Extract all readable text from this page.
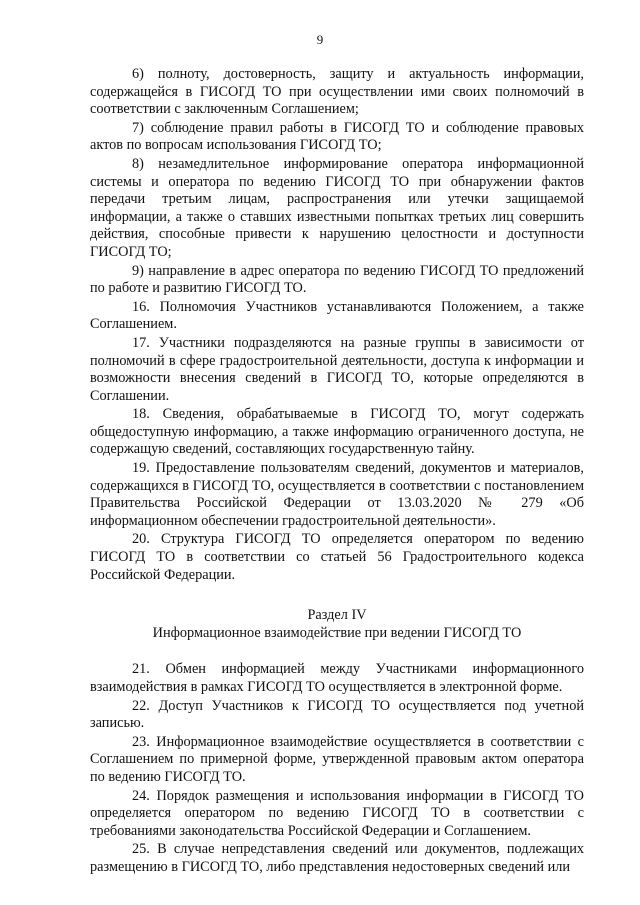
9

6) полноту, достоверность, защиту и актуальность информации, содержащейся в ГИСОГД ТО при осуществлении ими своих полномочий в соответствии с заключенным Соглашением;

7) соблюдение правил работы в ГИСОГД ТО и соблюдение правовых актов по вопросам использования ГИСОГД ТО;

8) незамедлительное информирование оператора информационной системы и оператора по ведению ГИСОГД ТО при обнаружении фактов передачи третьим лицам, распространения или утечки защищаемой информации, а также о ставших известными попытках третьих лиц совершить действия, способные привести к нарушению целостности и доступности ГИСОГД ТО;

9) направление в адрес оператора по ведению ГИСОГД ТО предложений по работе и развитию ГИСОГД ТО.

16. Полномочия Участников устанавливаются Положением, а также Соглашением.

17. Участники подразделяются на разные группы в зависимости от полномочий в сфере градостроительной деятельности, доступа к информации и возможности внесения сведений в ГИСОГД ТО, которые определяются в Соглашении.

18. Сведения, обрабатываемые в ГИСОГД ТО, могут содержать общедоступную информацию, а также информацию ограниченного доступа, не содержащую сведений, составляющих государственную тайну.

19. Предоставление пользователям сведений, документов и материалов, содержащихся в ГИСОГД ТО, осуществляется в соответствии с постановлением Правительства Российской Федерации от 13.03.2020 № 279 «Об информационном обеспечении градостроительной деятельности».

20. Структура ГИСОГД ТО определяется оператором по ведению ГИСОГД ТО в соответствии со статьей 56 Градостроительного кодекса Российской Федерации.

Раздел IV

Информационное взаимодействие при ведении ГИСОГД ТО

21. Обмен информацией между Участниками информационного взаимодействия в рамках ГИСОГД ТО осуществляется в электронной форме.

22. Доступ Участников к ГИСОГД ТО осуществляется под учетной записью.

23. Информационное взаимодействие осуществляется в соответствии с Соглашением по примерной форме, утвержденной правовым актом оператора по ведению ГИСОГД ТО.

24. Порядок размещения и использования информации в ГИСОГД ТО определяется оператором по ведению ГИСОГД ТО в соответствии с требованиями законодательства Российской Федерации и Соглашением.

25. В случае непредставления сведений или документов, подлежащих размещению в ГИСОГД ТО, либо представления недостоверных сведений или
